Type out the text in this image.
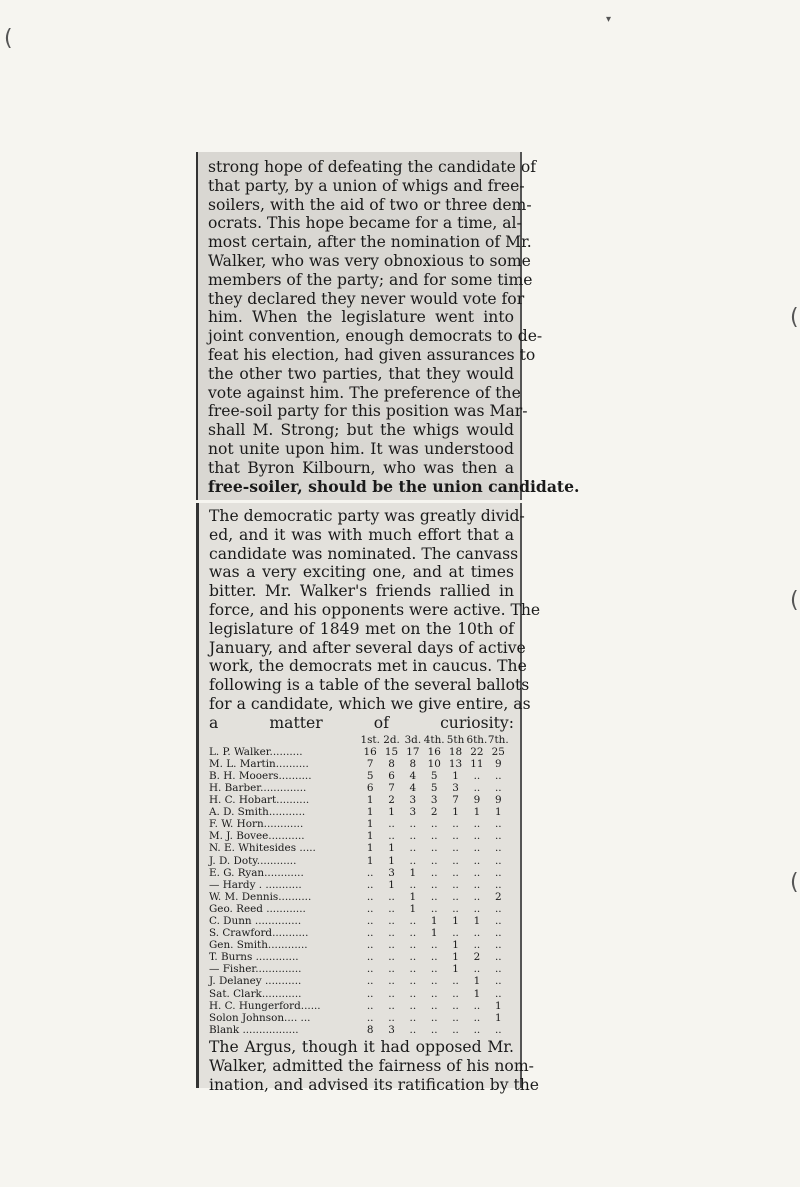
(
▾
(
(
(
strong hope of defeating the candidate of
that party, by a union of whigs and free-
soilers, with the aid of two or three dem-
ocrats. This hope became for a time, al-
most certain, after the nomination of Mr.
Walker, who was very obnoxious to some
members of the party; and for some time
they declared they never would vote for
him. When the legislature went into
joint convention, enough democrats to de-
feat his election, had given assurances to
the other two parties, that they would
vote against him. The preference of the
free-soil party for this position was Mar-
shall M. Strong; but the whigs would
not unite upon him. It was understood
that Byron Kilbourn, who was then a
free-soiler, should be the union candidate.
The democratic party was greatly divid-
ed, and it was with much effort that a
candidate was nominated. The canvass
was a very exciting one, and at times
bitter. Mr. Walker's friends rallied in
force, and his opponents were active. The
legislature of 1849 met on the 10th of
January, and after several days of active
work, the democrats met in caucus. The
following is a table of the several ballots
for a candidate, which we give entire, as
a matter of curiosity:
	1st.	2d.	3d.	4th.	5th	6th.	7th.
L. P. Walker..........	16	15	17	16	18	22	25
M. L. Martin..........	7	8	8	10	13	11	9
B. H. Mooers..........	5	6	4	5	1	..	..
H. Barber..............	6	7	4	5	3	..	..
H. C. Hobart..........	1	2	3	3	7	9	9
A. D. Smith...........	1	1	3	2	1	1	1
F. W. Horn............	1	..	..	..	..	..	..
M. J. Bovee...........	1	..	..	..	..	..	..
N. E. Whitesides .....	1	1	..	..	..	..	..
J. D. Doty............	1	1	..	..	..	..	..
E. G. Ryan............	..	3	1	..	..	..	..
— Hardy . ...........	..	1	..	..	..	..	..
W. M. Dennis..........	..	..	1	..	..	..	2
Geo. Reed ............	..	..	1	..	..	..	..
C. Dunn ..............	..	..	..	1	1	1	..
S. Crawford...........	..	..	..	1	..	..	..
Gen. Smith............	..	..	..	..	1	..	..
T. Burns .............	..	..	..	..	1	2	..
— Fisher..............	..	..	..	..	1	..	..
J. Delaney ...........	..	..	..	..	..	1	..
Sat. Clark............	..	..	..	..	..	1	..
H. C. Hungerford......	..	..	..	..	..	..	1
Solon Johnson.... ...	..	..	..	..	..	..	1
Blank .................	8	3	..	..	..	..	..
The Argus, though it had opposed Mr.
Walker, admitted the fairness of his nom-
ination, and advised its ratification by the
